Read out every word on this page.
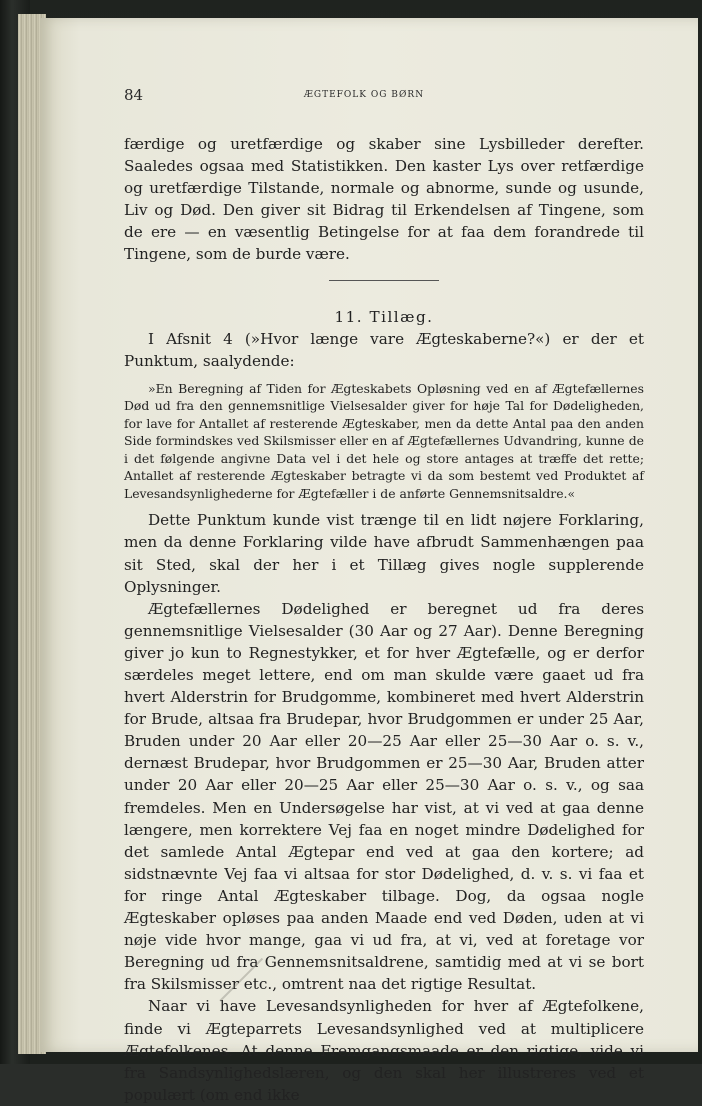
84	ÆGTEFOLK OG BØRN

færdige og uretfærdige og skaber sine Lysbilleder derefter. Saaledes ogsaa med Statistikken. Den kaster Lys over retfærdige og uretfærdige Tilstande, normale og abnorme, sunde og usunde, Liv og Død. Den giver sit Bidrag til Erkendelsen af Tingene, som de ere — en væsentlig Betingelse for at faa dem forandrede til Tingene, som de burde være.

11. Tillæg.

I Afsnit 4 (»Hvor længe vare Ægteskaberne?«) er der et Punktum, saalydende:

»En Beregning af Tiden for Ægteskabets Opløsning ved en af Ægtefællernes Død ud fra den gennemsnitlige Vielsesalder giver for høje Tal for Dødeligheden, for lave for Antallet af resterende Ægteskaber, men da dette Antal paa den anden Side formindskes ved Skilsmisser eller en af Ægtefællernes Udvandring, kunne de i det følgende angivne Data vel i det hele og store antages at træffe det rette; Antallet af resterende Ægteskaber betragte vi da som bestemt ved Produktet af Levesandsynlighederne for Ægtefæller i de anførte Gennemsnitsaldre.«

Dette Punktum kunde vist trænge til en lidt nøjere Forklaring, men da denne Forklaring vilde have afbrudt Sammenhængen paa sit Sted, skal der her i et Tillæg gives nogle supplerende Oplysninger.

Ægtefællernes Dødelighed er beregnet ud fra deres gennemsnitlige Vielsesalder (30 Aar og 27 Aar). Denne Beregning giver jo kun to Regnestykker, et for hver Ægtefælle, og er derfor særdeles meget lettere, end om man skulde være gaaet ud fra hvert Alderstrin for Brudgomme, kombineret med hvert Alderstrin for Brude, altsaa fra Brudepar, hvor Brudgommen er under 25 Aar, Bruden under 20 Aar eller 20—25 Aar eller 25—30 Aar o. s. v., dernæst Brudepar, hvor Brudgommen er 25—30 Aar, Bruden atter under 20 Aar eller 20—25 Aar eller 25—30 Aar o. s. v., og saa fremdeles. Men en Undersøgelse har vist, at vi ved at gaa denne længere, men korrektere Vej faa en noget mindre Dødelighed for det samlede Antal Ægtepar end ved at gaa den kortere; ad sidstnævnte Vej faa vi altsaa for stor Dødelighed, d. v. s. vi faa et for ringe Antal Ægteskaber tilbage. Dog, da ogsaa nogle Ægteskaber opløses paa anden Maade end ved Døden, uden at vi nøje vide hvor mange, gaa vi ud fra, at vi, ved at foretage vor Beregning ud fra Gennemsnitsaldrene, samtidig med at vi se bort fra Skilsmisser etc., omtrent naa det rigtige Resultat.

Naar vi have Levesandsynligheden for hver af Ægtefolkene, finde vi Ægteparrets Levesandsynlighed ved at multiplicere Ægtefolkenes. At denne Fremgangsmaade er den rigtige, vide vi fra Sandsynlighedslæren, og den skal her illustreres ved et populært (om end ikke
